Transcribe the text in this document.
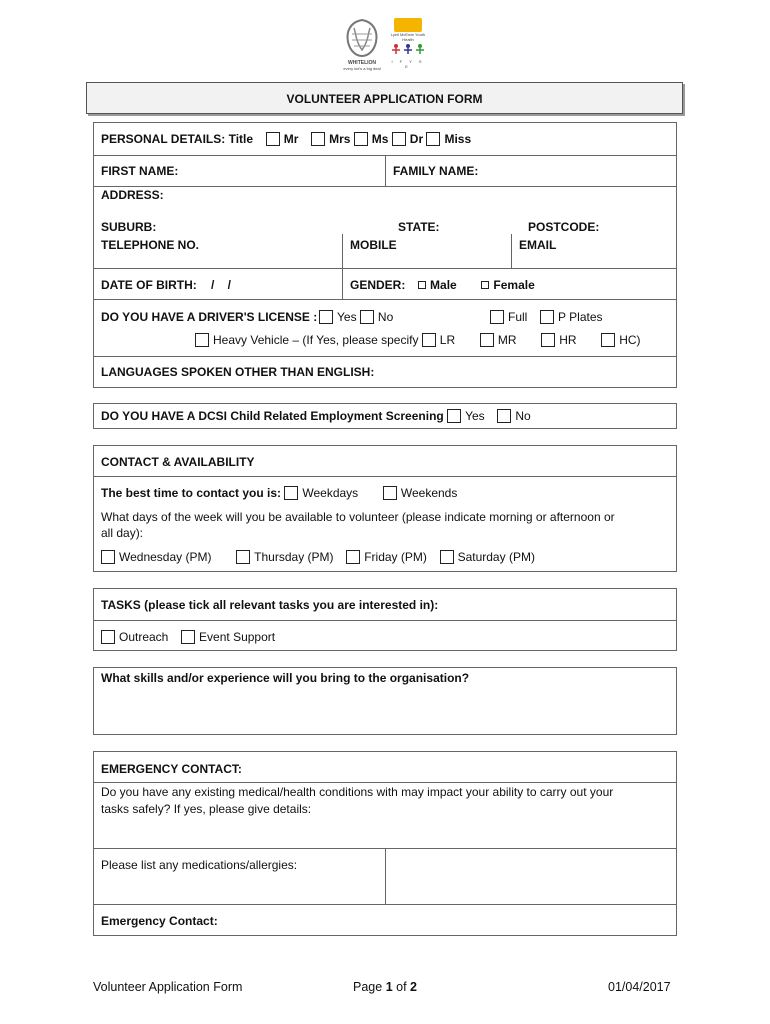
WHITELION
every kid's a big deal
Lyell McEwin Youth Health
I F Y S E
VOLUNTEER APPLICATION FORM
PERSONAL DETAILS: Title	Mr	Mrs Ms Dr Miss
FIRST NAME:	FAMILY NAME:
ADDRESS:
SUBURB:	STATE:	POSTCODE:
TELEPHONE NO.	MOBILE	EMAIL
DATE OF BIRTH: /    /	GENDER: Male	Female
DO YOU HAVE A DRIVER'S LICENSE :	Yes No	Full	P Plates
Heavy Vehicle – (If Yes, please specify LR	MR	HR	HC)
LANGUAGES SPOKEN OTHER THAN ENGLISH:
DO YOU HAVE A DCSI Child Related Employment Screening Yes	No
CONTACT & AVAILABILITY
The best time to contact you is: Weekdays	Weekends
What days of the week will you be available to volunteer (please indicate morning or afternoon or
all day):
Wednesday (PM)	Thursday (PM)	Friday (PM)	Saturday (PM)
TASKS (please tick all relevant tasks you are interested in):
Outreach	Event Support
What skills and/or experience will you bring to the organisation?
EMERGENCY CONTACT:
Do you have any existing medical/health conditions with may impact your ability to carry out your
tasks safely? If yes, please give details:
Please list any medications/allergies:
Emergency Contact:
Volunteer Application Form	Page 1 of 2	01/04/2017
